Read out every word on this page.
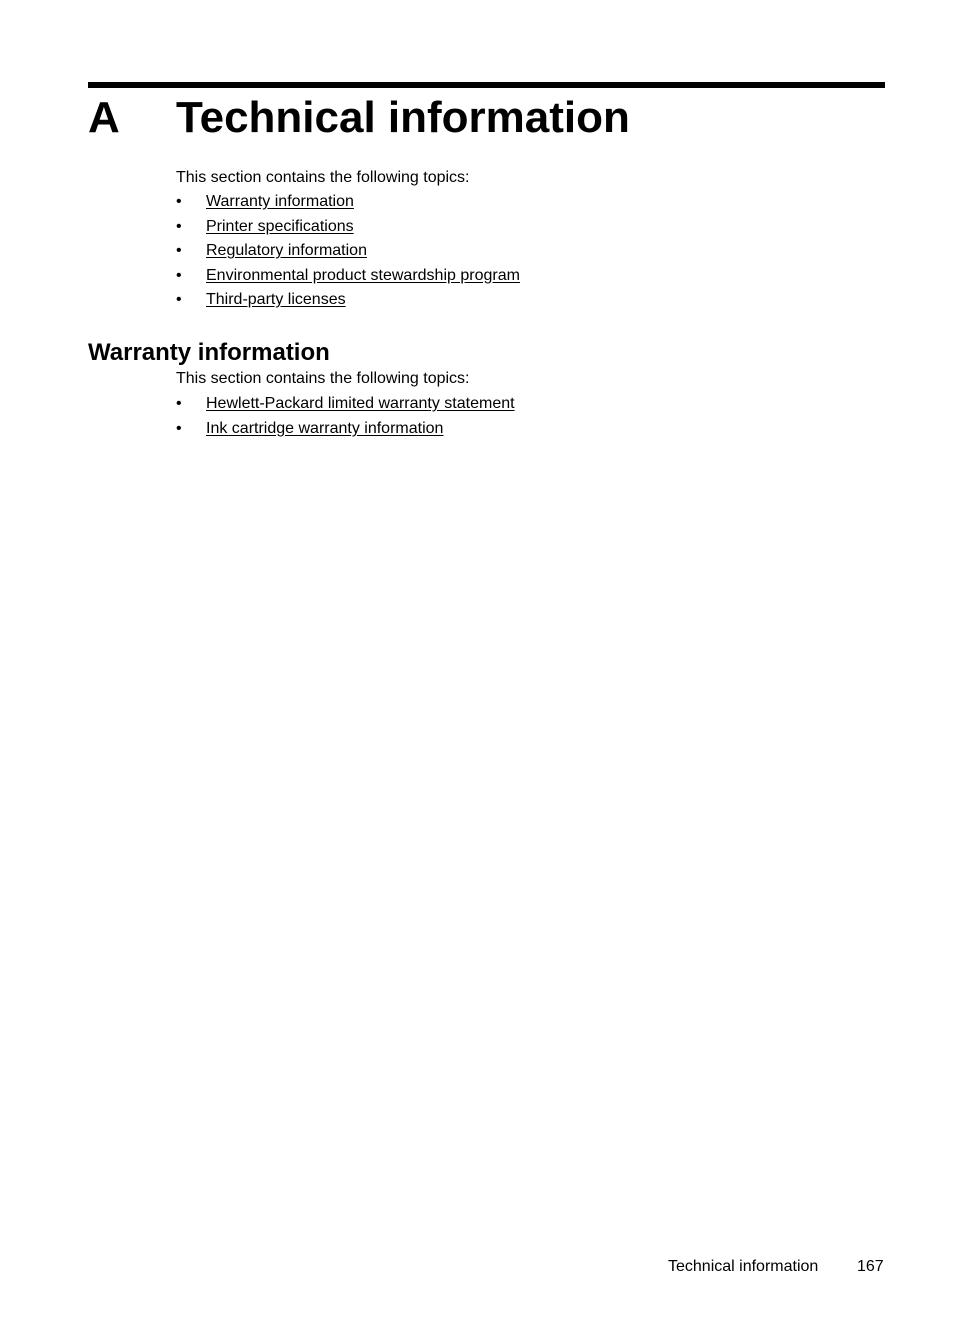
A Technical information
This section contains the following topics:
• Warranty information
• Printer specifications
• Regulatory information
• Environmental product stewardship program
• Third-party licenses
Warranty information
This section contains the following topics:
• Hewlett-Packard limited warranty statement
• Ink cartridge warranty information
Technical information 167
